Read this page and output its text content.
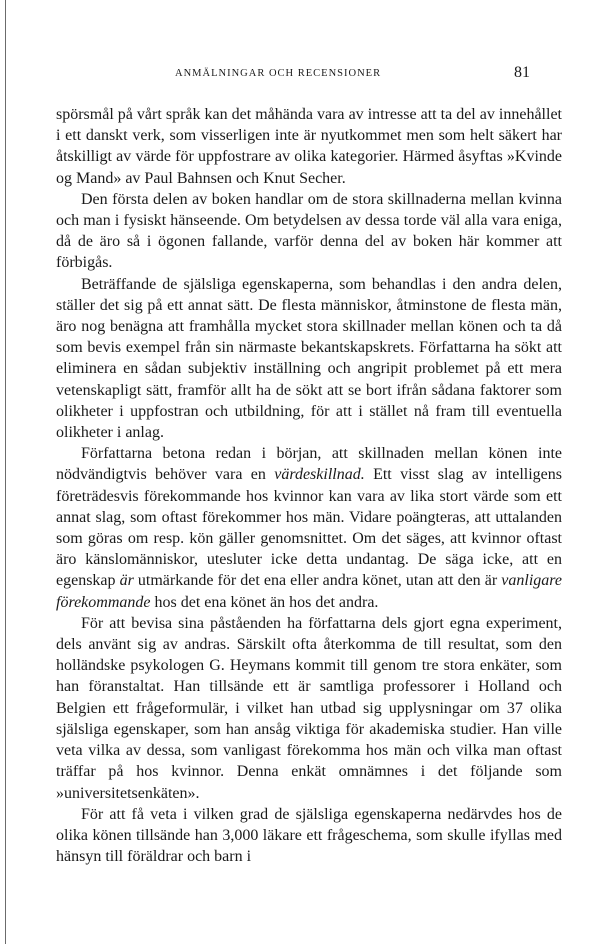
ANMÄLNINGAR OCH RECENSIONER	81

spörsmål på vårt språk kan det måhända vara av intresse att ta del av innehållet i ett danskt verk, som visserligen inte är nyutkommet men som helt säkert har åtskilligt av värde för uppfostrare av olika kategorier. Härmed åsyftas »Kvinde og Mand» av Paul Bahnsen och Knut Secher.

Den första delen av boken handlar om de stora skillnaderna mellan kvinna och man i fysiskt hänseende. Om betydelsen av dessa torde väl alla vara eniga, då de äro så i ögonen fallande, varför denna del av boken här kommer att förbigås.

Beträffande de själsliga egenskaperna, som behandlas i den andra delen, ställer det sig på ett annat sätt. De flesta människor, åtminstone de flesta män, äro nog benägna att framhålla mycket stora skillnader mellan könen och ta då som bevis exempel från sin närmaste bekantskapskrets. Författarna ha sökt att eliminera en sådan subjektiv inställning och angripit problemet på ett mera vetenskapligt sätt, framför allt ha de sökt att se bort ifrån sådana faktorer som olikheter i uppfostran och utbildning, för att i stället nå fram till eventuella olikheter i anlag.

Författarna betona redan i början, att skillnaden mellan könen inte nödvändigtvis behöver vara en värdeskillnad. Ett visst slag av intelligens företrädesvis förekommande hos kvinnor kan vara av lika stort värde som ett annat slag, som oftast förekommer hos män. Vidare poängteras, att uttalanden som göras om resp. kön gäller genomsnittet. Om det säges, att kvinnor oftast äro känslomänniskor, utesluter icke detta undantag. De säga icke, att en egenskap är utmärkande för det ena eller andra könet, utan att den är vanligare förekommande hos det ena könet än hos det andra.

För att bevisa sina påståenden ha författarna dels gjort egna experiment, dels använt sig av andras. Särskilt ofta återkomma de till resultat, som den holländske psykologen G. Heymans kommit till genom tre stora enkäter, som han föranstaltat. Han tillsände ett är samtliga professorer i Holland och Belgien ett frågeformulär, i vilket han utbad sig upplysningar om 37 olika själsliga egenskaper, som han ansåg viktiga för akademiska studier. Han ville veta vilka av dessa, som vanligast förekomma hos män och vilka man oftast träffar på hos kvinnor. Denna enkät omnämnes i det följande som »universitetsenkäten».

För att få veta i vilken grad de själsliga egenskaperna nedärvdes hos de olika könen tillsände han 3,000 läkare ett frågeschema, som skulle ifyllas med hänsyn till föräldrar och barn i
